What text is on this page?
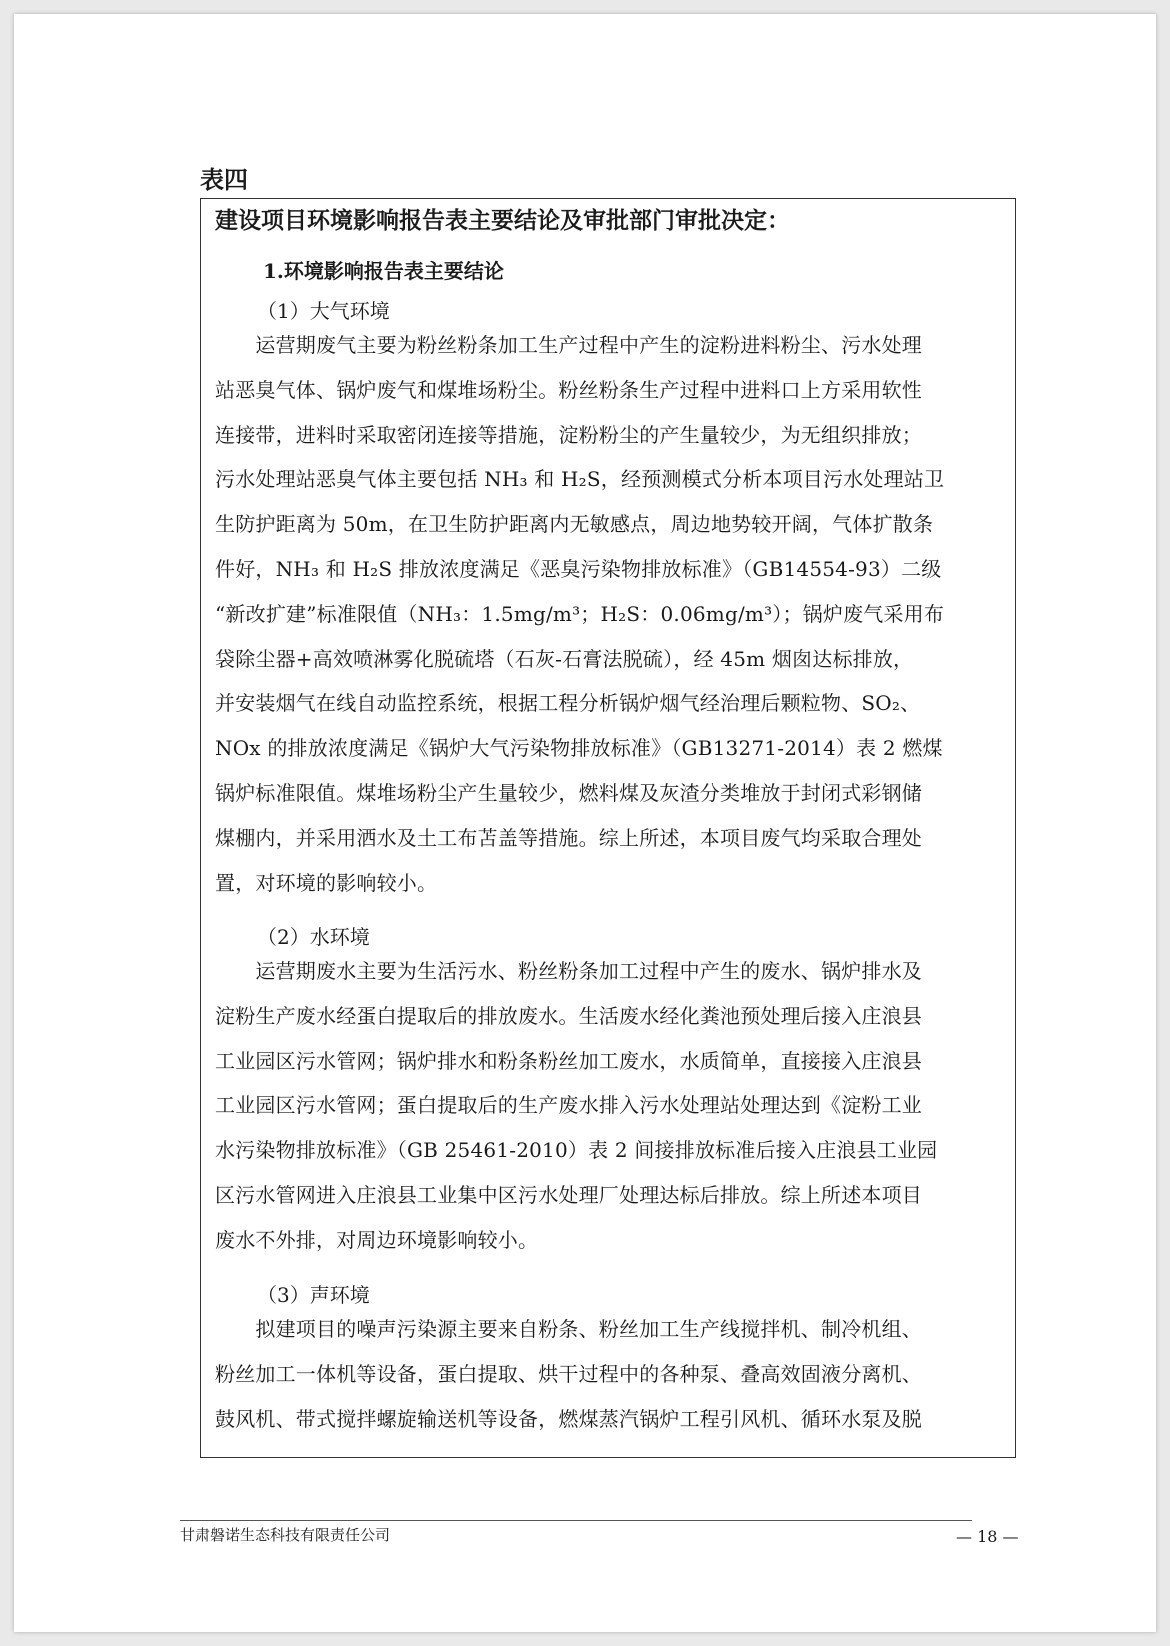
表四
建设项目环境影响报告表主要结论及审批部门审批决定：
1.环境影响报告表主要结论
（1）大气环境
　　运营期废气主要为粉丝粉条加工生产过程中产生的淀粉进料粉尘、污水处理
站恶臭气体、锅炉废气和煤堆场粉尘。粉丝粉条生产过程中进料口上方采用软性
连接带，进料时采取密闭连接等措施，淀粉粉尘的产生量较少，为无组织排放；
污水处理站恶臭气体主要包括 NH₃ 和 H₂S，经预测模式分析本项目污水处理站卫
生防护距离为 50m，在卫生防护距离内无敏感点，周边地势较开阔，气体扩散条
件好，NH₃ 和 H₂S 排放浓度满足《恶臭污染物排放标准》（GB14554-93）二级
“新改扩建”标准限值（NH₃：1.5mg/m³；H₂S：0.06mg/m³）；锅炉废气采用布
袋除尘器+高效喷淋雾化脱硫塔（石灰-石膏法脱硫），经 45m 烟囱达标排放，
并安装烟气在线自动监控系统，根据工程分析锅炉烟气经治理后颗粒物、SO₂、
NOx 的排放浓度满足《锅炉大气污染物排放标准》（GB13271-2014）表 2 燃煤
锅炉标准限值。煤堆场粉尘产生量较少，燃料煤及灰渣分类堆放于封闭式彩钢储
煤棚内，并采用洒水及土工布苫盖等措施。综上所述，本项目废气均采取合理处
置，对环境的影响较小。
（2）水环境
　　运营期废水主要为生活污水、粉丝粉条加工过程中产生的废水、锅炉排水及
淀粉生产废水经蛋白提取后的排放废水。生活废水经化粪池预处理后接入庄浪县
工业园区污水管网；锅炉排水和粉条粉丝加工废水，水质简单，直接接入庄浪县
工业园区污水管网；蛋白提取后的生产废水排入污水处理站处理达到《淀粉工业
水污染物排放标准》（GB 25461-2010）表 2 间接排放标准后接入庄浪县工业园
区污水管网进入庄浪县工业集中区污水处理厂处理达标后排放。综上所述本项目
废水不外排，对周边环境影响较小。
（3）声环境
　　拟建项目的噪声污染源主要来自粉条、粉丝加工生产线搅拌机、制冷机组、
粉丝加工一体机等设备，蛋白提取、烘干过程中的各种泵、叠高效固液分离机、
鼓风机、带式搅拌螺旋输送机等设备，燃煤蒸汽锅炉工程引风机、循环水泵及脱
甘肃磐诺生态科技有限责任公司	— 18 —
